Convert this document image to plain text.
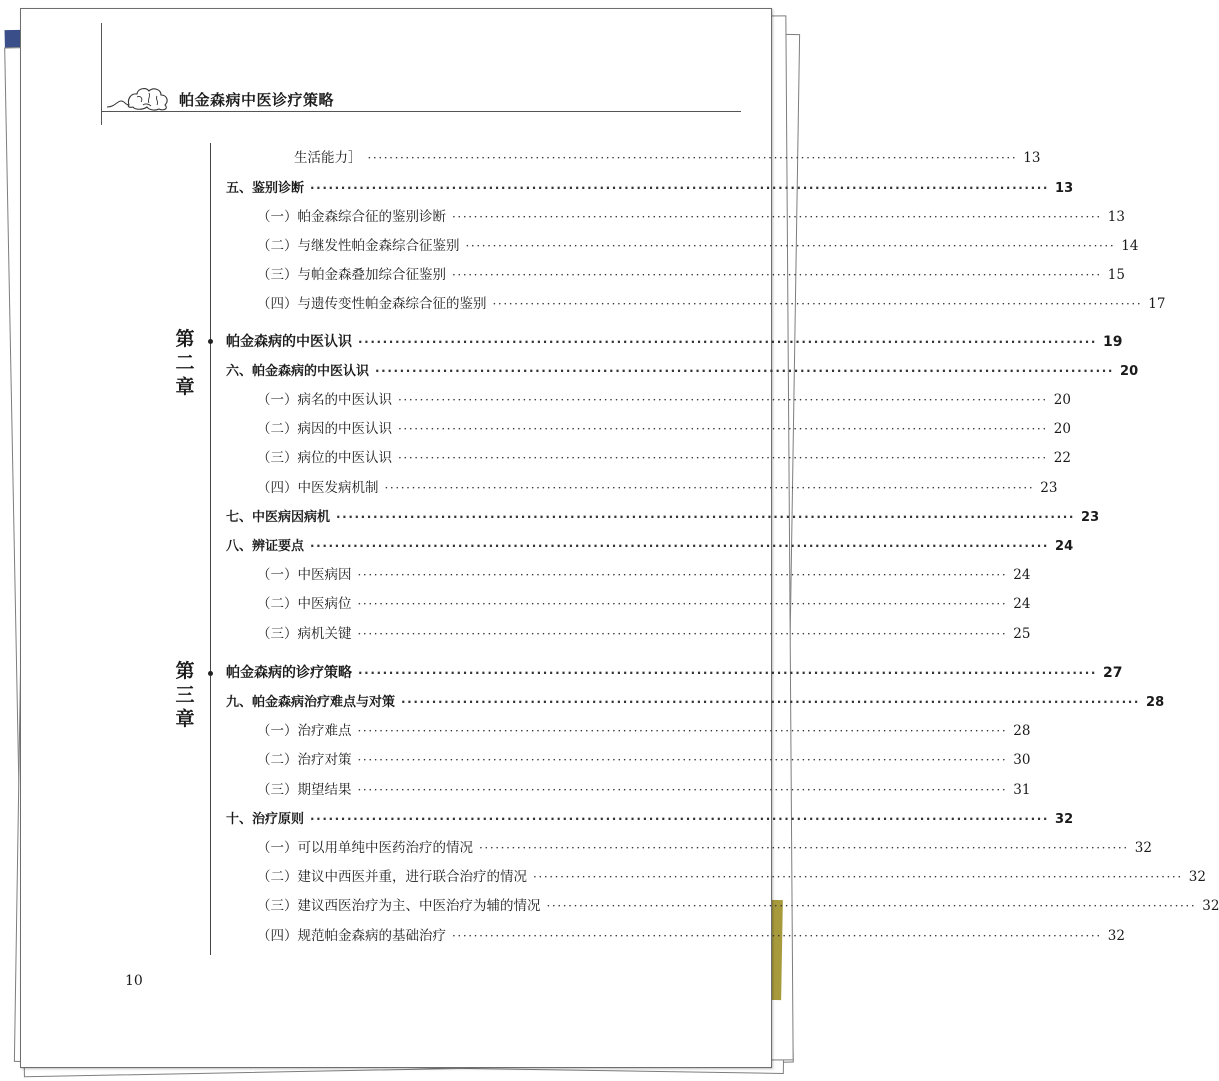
帕金森病中医诊疗策略
第
二
章
第
三
章
生活能力］ ························································································································ 13
五、鉴别诊断 ························································································································ 13
（一）帕金森综合征的鉴别诊断 ························································································································ 13
（二）与继发性帕金森综合征鉴别 ························································································································ 14
（三）与帕金森叠加综合征鉴别 ························································································································ 15
（四）与遗传变性帕金森综合征的鉴别 ························································································································ 17
帕金森病的中医认识 ························································································································ 19
六、帕金森病的中医认识 ························································································································ 20
（一）病名的中医认识 ························································································································ 20
（二）病因的中医认识 ························································································································ 20
（三）病位的中医认识 ························································································································ 22
（四）中医发病机制 ························································································································ 23
七、中医病因病机 ························································································································ 23
八、辨证要点 ························································································································ 24
（一）中医病因 ························································································································ 24
（二）中医病位 ························································································································ 24
（三）病机关键 ························································································································ 25
帕金森病的诊疗策略 ························································································································ 27
九、帕金森病治疗难点与对策 ························································································································ 28
（一）治疗难点 ························································································································ 28
（二）治疗对策 ························································································································ 30
（三）期望结果 ························································································································ 31
十、治疗原则 ························································································································ 32
（一）可以用单纯中医药治疗的情况 ························································································································ 32
（二）建议中西医并重，进行联合治疗的情况 ························································································································ 32
（三）建议西医治疗为主、中医治疗为辅的情况 ························································································································ 32
（四）规范帕金森病的基础治疗 ························································································································ 32
10
